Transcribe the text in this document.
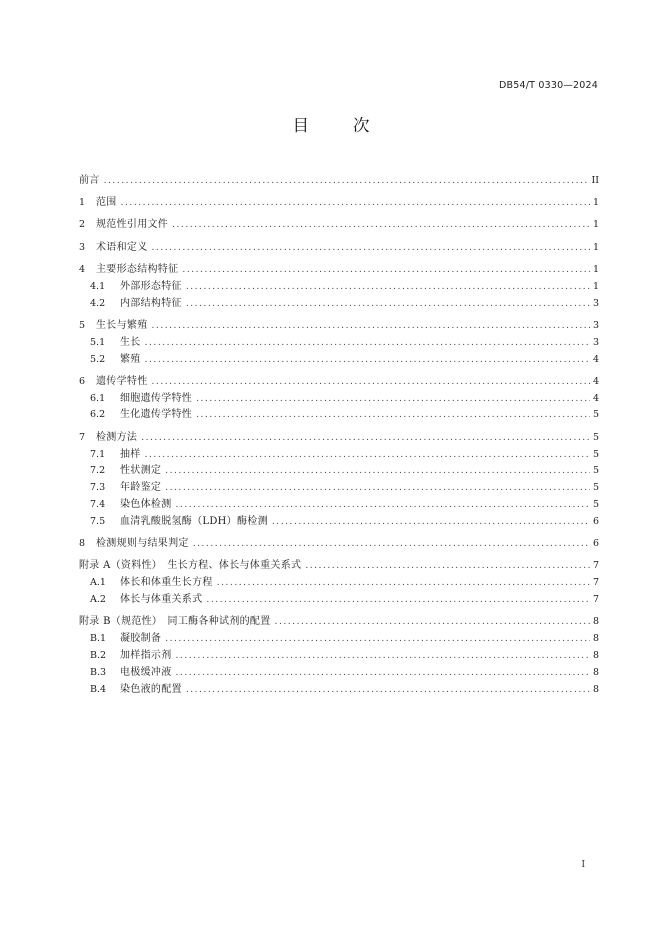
DB54/T 0330—2024
目次
前言 .....	II
1	范围 .....	1
2	规范性引用文件 .....	1
3	术语和定义 .....	1
4	主要形态结构特征 .....	1
4.1	外部形态特征 .....	1
4.2	内部结构特征 .....	3
5	生长与繁殖 .....	3
5.1	生长 .....	3
5.2	繁殖 .....	4
6	遗传学特性 .....	4
6.1	细胞遗传学特性 .....	4
6.2	生化遗传学特性 .....	5
7	检测方法 .....	5
7.1	抽样 .....	5
7.2	性状测定 .....	5
7.3	年龄鉴定 .....	5
7.4	染色体检测 .....	5
7.5	血清乳酸脱氢酶（LDH）酶检测 .....	6
8	检测规则与结果判定 .....	6
附录 A（资料性）　生长方程、体长与体重关系式 .....	7
A.1	体长和体重生长方程 .....	7
A.2	体长与体重关系式 .....	7
附录 B（规范性）　同工酶各种试剂的配置 .....	8
B.1	凝胶制备 .....	8
B.2	加样指示剂 .....	8
B.3	电极缓冲液 .....	8
B.4	染色液的配置 .....	8
I
